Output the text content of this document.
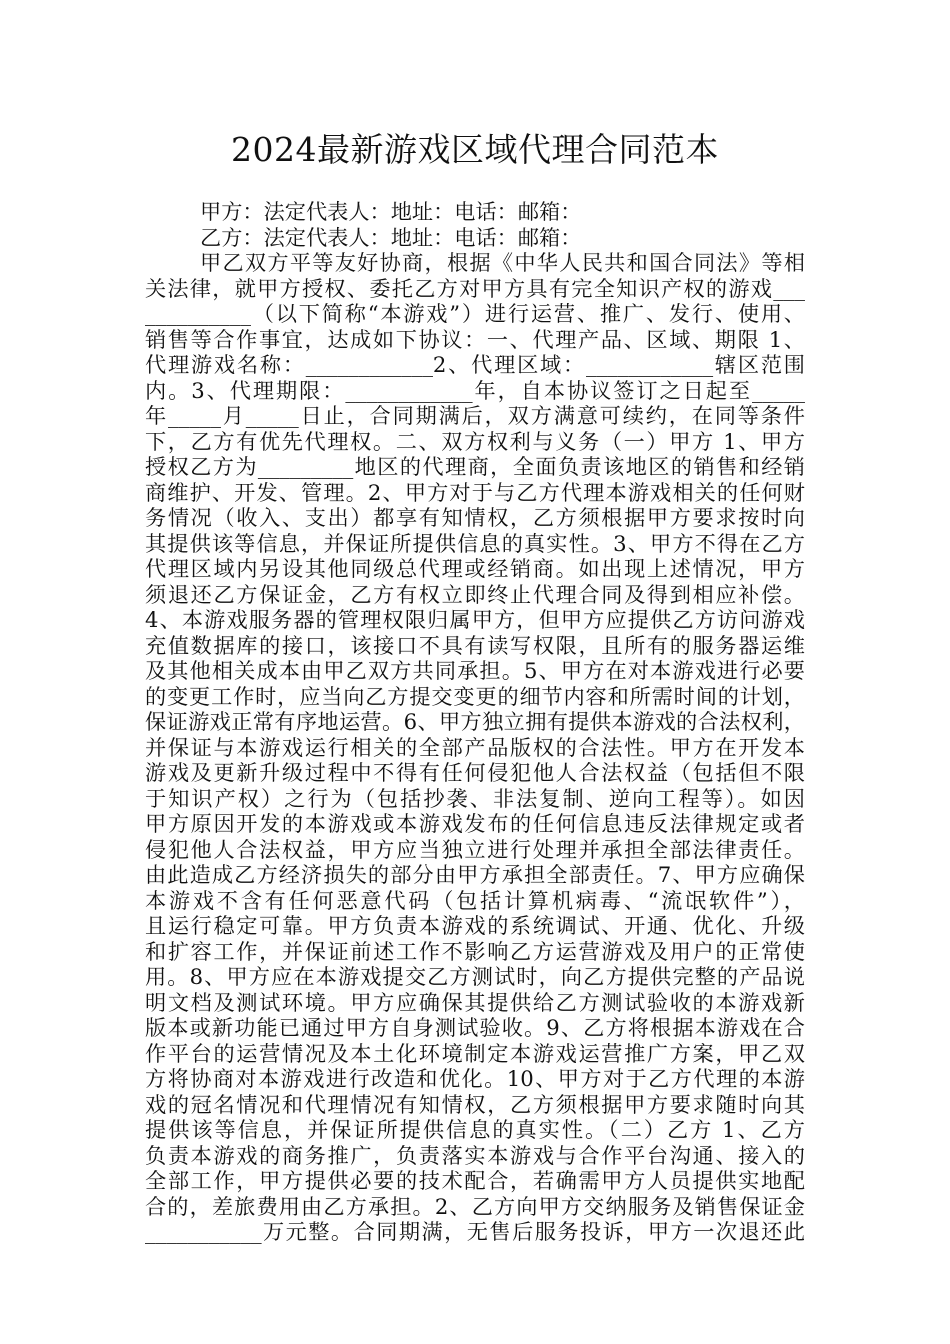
2024最新游戏区域代理合同范本

甲方：法定代表人：地址：电话：邮箱：

乙方：法定代表人：地址：电话：邮箱：

甲乙双方平等友好协商，根据《中华人民共和国合同法》等相

关法律，就甲方授权、委托乙方对甲方具有完全知识产权的游戏___

__________（以下简称“本游戏”）进行运营、推广、发行、使用、

销售等合作事宜，达成如下协议：一、代理产品、区域、期限 1、

代理游戏名称：____________2、代理区域：____________辖区范围

内。3、代理期限：____________年，自本协议签订之日起至_____

年_____月_____日止，合同期满后，双方满意可续约，在同等条件

下，乙方有优先代理权。二、双方权利与义务（一）甲方 1、甲方

授权乙方为_________地区的代理商，全面负责该地区的销售和经销

商维护、开发、管理。2、甲方对于与乙方代理本游戏相关的任何财

务情况（收入、支出）都享有知情权，乙方须根据甲方要求按时向

其提供该等信息，并保证所提供信息的真实性。3、甲方不得在乙方

代理区域内另设其他同级总代理或经销商。如出现上述情况，甲方

须退还乙方保证金，乙方有权立即终止代理合同及得到相应补偿。

4、本游戏服务器的管理权限归属甲方，但甲方应提供乙方访问游戏

充值数据库的接口，该接口不具有读写权限，且所有的服务器运维

及其他相关成本由甲乙双方共同承担。5、甲方在对本游戏进行必要

的变更工作时，应当向乙方提交变更的细节内容和所需时间的计划，

保证游戏正常有序地运营。6、甲方独立拥有提供本游戏的合法权利，

并保证与本游戏运行相关的全部产品版权的合法性。甲方在开发本

游戏及更新升级过程中不得有任何侵犯他人合法权益（包括但不限

于知识产权）之行为（包括抄袭、非法复制、逆向工程等）。如因

甲方原因开发的本游戏或本游戏发布的任何信息违反法律规定或者

侵犯他人合法权益，甲方应当独立进行处理并承担全部法律责任。

由此造成乙方经济损失的部分由甲方承担全部责任。7、甲方应确保

本游戏不含有任何恶意代码（包括计算机病毒、“流氓软件”），

且运行稳定可靠。甲方负责本游戏的系统调试、开通、优化、升级

和扩容工作，并保证前述工作不影响乙方运营游戏及用户的正常使

用。8、甲方应在本游戏提交乙方测试时，向乙方提供完整的产品说

明文档及测试环境。甲方应确保其提供给乙方测试验收的本游戏新

版本或新功能已通过甲方自身测试验收。9、乙方将根据本游戏在合

作平台的运营情况及本土化环境制定本游戏运营推广方案，甲乙双

方将协商对本游戏进行改造和优化。10、甲方对于乙方代理的本游

戏的冠名情况和代理情况有知情权，乙方须根据甲方要求随时向其

提供该等信息，并保证所提供信息的真实性。（二）乙方 1、乙方

负责本游戏的商务推广，负责落实本游戏与合作平台沟通、接入的

全部工作，甲方提供必要的技术配合，若确需甲方人员提供实地配

合的，差旅费用由乙方承担。2、乙方向甲方交纳服务及销售保证金

___________万元整。合同期满，无售后服务投诉，甲方一次退还此
